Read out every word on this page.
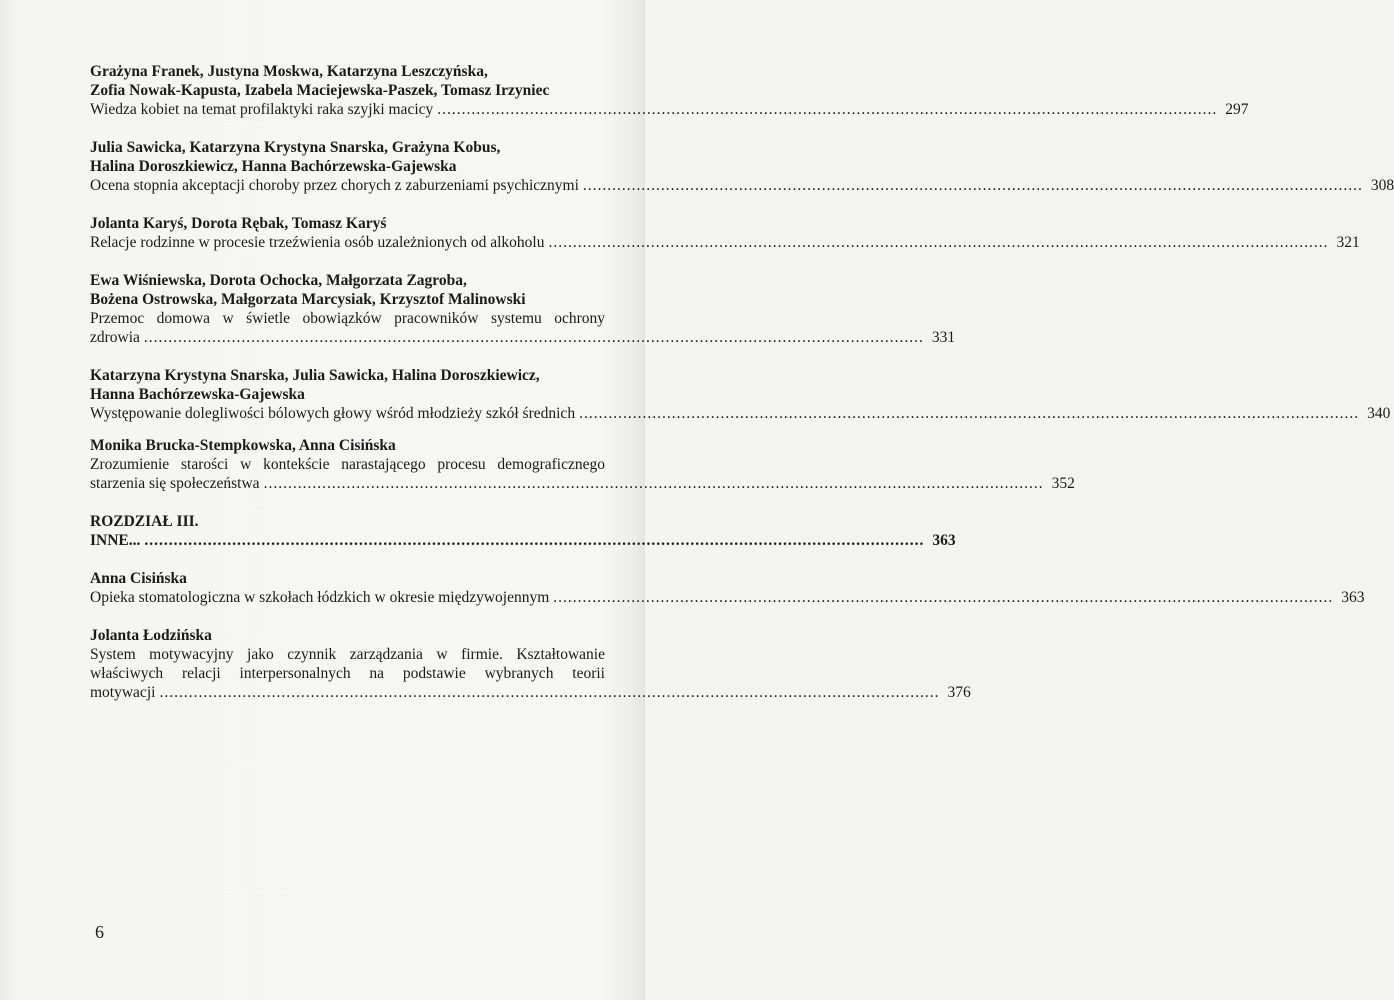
Grażyna Franek, Justyna Moskwa, Katarzyna Leszczyńska,
Zofia Nowak-Kapusta, Izabela Maciejewska-Paszek, Tomasz Irzyniec
Wiedza kobiet na temat profilaktyki raka szyjki macicy ................................................................................................................................................................ 297
Julia Sawicka, Katarzyna Krystyna Snarska, Grażyna Kobus,
Halina Doroszkiewicz, Hanna Bachórzewska-Gajewska
Ocena stopnia akceptacji choroby przez chorych z zaburzeniami psychicznymi ................................................................................................................................................................ 308
Jolanta Karyś, Dorota Rębak, Tomasz Karyś
Relacje rodzinne w procesie trzeźwienia osób uzależnionych od alkoholu ................................................................................................................................................................ 321
Ewa Wiśniewska, Dorota Ochocka, Małgorzata Zagroba,
Bożena Ostrowska, Małgorzata Marcysiak, Krzysztof Malinowski
Przemoc domowa w świetle obowiązków pracowników systemu ochrony
zdrowia ................................................................................................................................................................ 331
Katarzyna Krystyna Snarska, Julia Sawicka, Halina Doroszkiewicz,
Hanna Bachórzewska-Gajewska
Występowanie dolegliwości bólowych głowy wśród młodzieży szkół średnich ................................................................................................................................................................ 340
Monika Brucka-Stempkowska, Anna Cisińska
Zrozumienie starości w kontekście narastającego procesu demograficznego
starzenia się społeczeństwa ................................................................................................................................................................ 352
ROZDZIAŁ III.
INNE... ................................................................................................................................................................ 363
Anna Cisińska
Opieka stomatologiczna w szkołach łódzkich w okresie międzywojennym ................................................................................................................................................................ 363
Jolanta Łodzińska
System motywacyjny jako czynnik zarządzania w firmie. Kształtowanie
właściwych relacji interpersonalnych na podstawie wybranych teorii
motywacji ................................................................................................................................................................ 376
6
